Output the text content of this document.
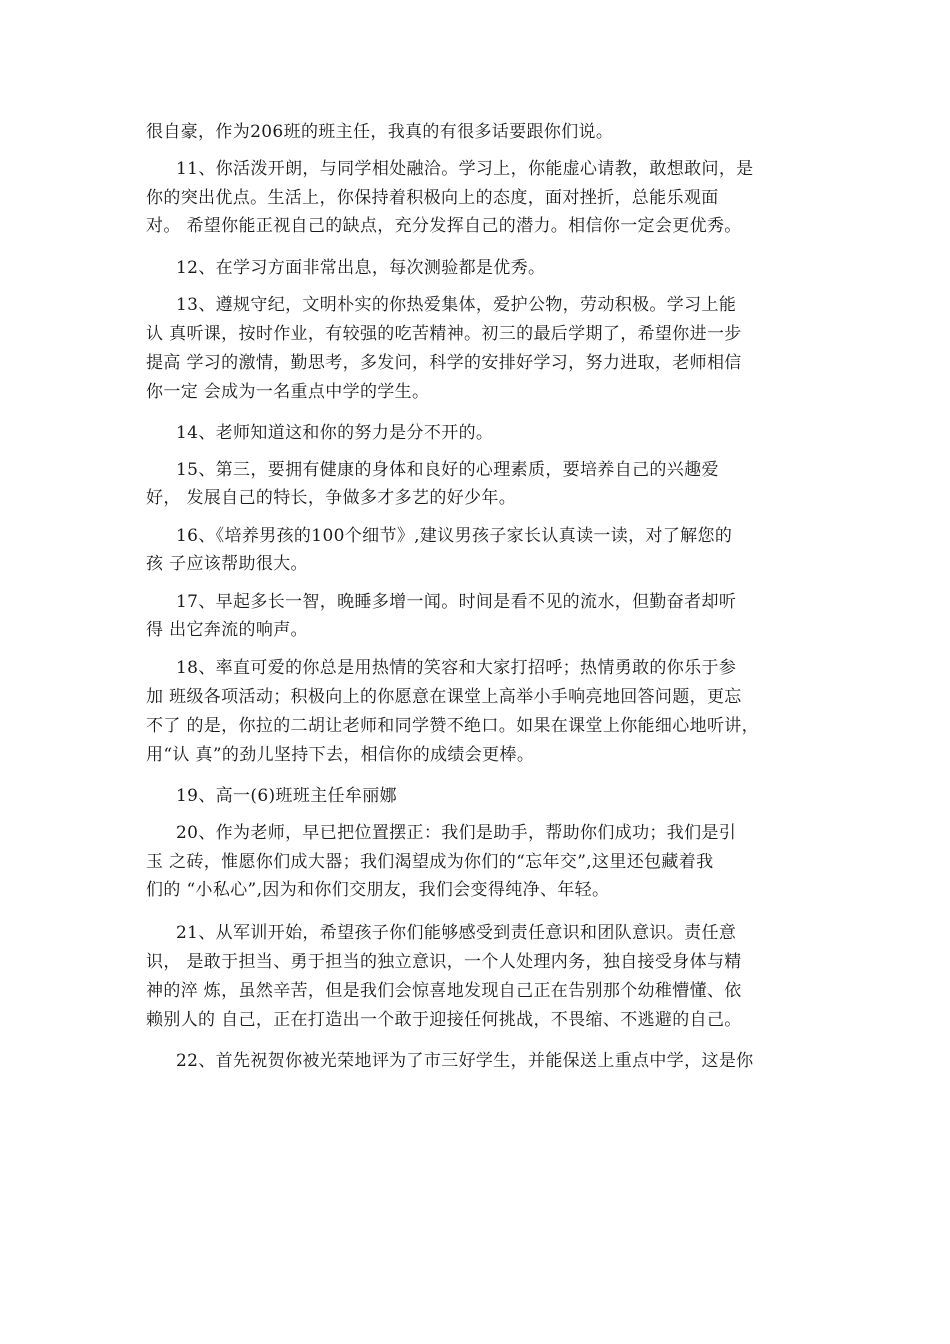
很自豪，作为206班的班主任，我真的有很多话要跟你们说。
11、你活泼开朗，与同学相处融洽。学习上，你能虚心请教，敢想敢问，是
你的突出优点。生活上，你保持着积极向上的态度，面对挫折，总能乐观面
对。 希望你能正视自己的缺点，充分发挥自己的潜力。相信你一定会更优秀。
12、在学习方面非常出息，每次测验都是优秀。
13、遵规守纪，文明朴实的你热爱集体，爱护公物，劳动积极。学习上能
认 真听课，按时作业，有较强的吃苦精神。初三的最后学期了，希望你进一步
提高 学习的激情，勤思考，多发问，科学的安排好学习，努力进取，老师相信
你一定 会成为一名重点中学的学生。
14、老师知道这和你的努力是分不开的。
15、第三，要拥有健康的身体和良好的心理素质，要培养自己的兴趣爱
好， 发展自己的特长，争做多才多艺的好少年。
16、《培养男孩的100个细节》,建议男孩子家长认真读一读，对了解您的
孩 子应该帮助很大。
17、早起多长一智，晚睡多增一闻。时间是看不见的流水，但勤奋者却听
得 出它奔流的响声。
18、率直可爱的你总是用热情的笑容和大家打招呼；热情勇敢的你乐于参
加 班级各项活动；积极向上的你愿意在课堂上高举小手响亮地回答问题，更忘
不了 的是，你拉的二胡让老师和同学赞不绝口。如果在课堂上你能细心地听讲，
用“认 真”的劲儿坚持下去，相信你的成绩会更棒。
19、高一(6)班班主任牟丽娜
20、作为老师，早已把位置摆正：我们是助手，帮助你们成功；我们是引
玉 之砖，惟愿你们成大器；我们渴望成为你们的“忘年交”,这里还包藏着我
们的 “小私心”,因为和你们交朋友，我们会变得纯净、年轻。
21、从军训开始，希望孩子你们能够感受到责任意识和团队意识。责任意
识， 是敢于担当、勇于担当的独立意识，一个人处理内务，独自接受身体与精
神的淬 炼，虽然辛苦，但是我们会惊喜地发现自己正在告别那个幼稚懵懂、依
赖别人的 自己，正在打造出一个敢于迎接任何挑战，不畏缩、不逃避的自己。
22、首先祝贺你被光荣地评为了市三好学生，并能保送上重点中学，这是你
